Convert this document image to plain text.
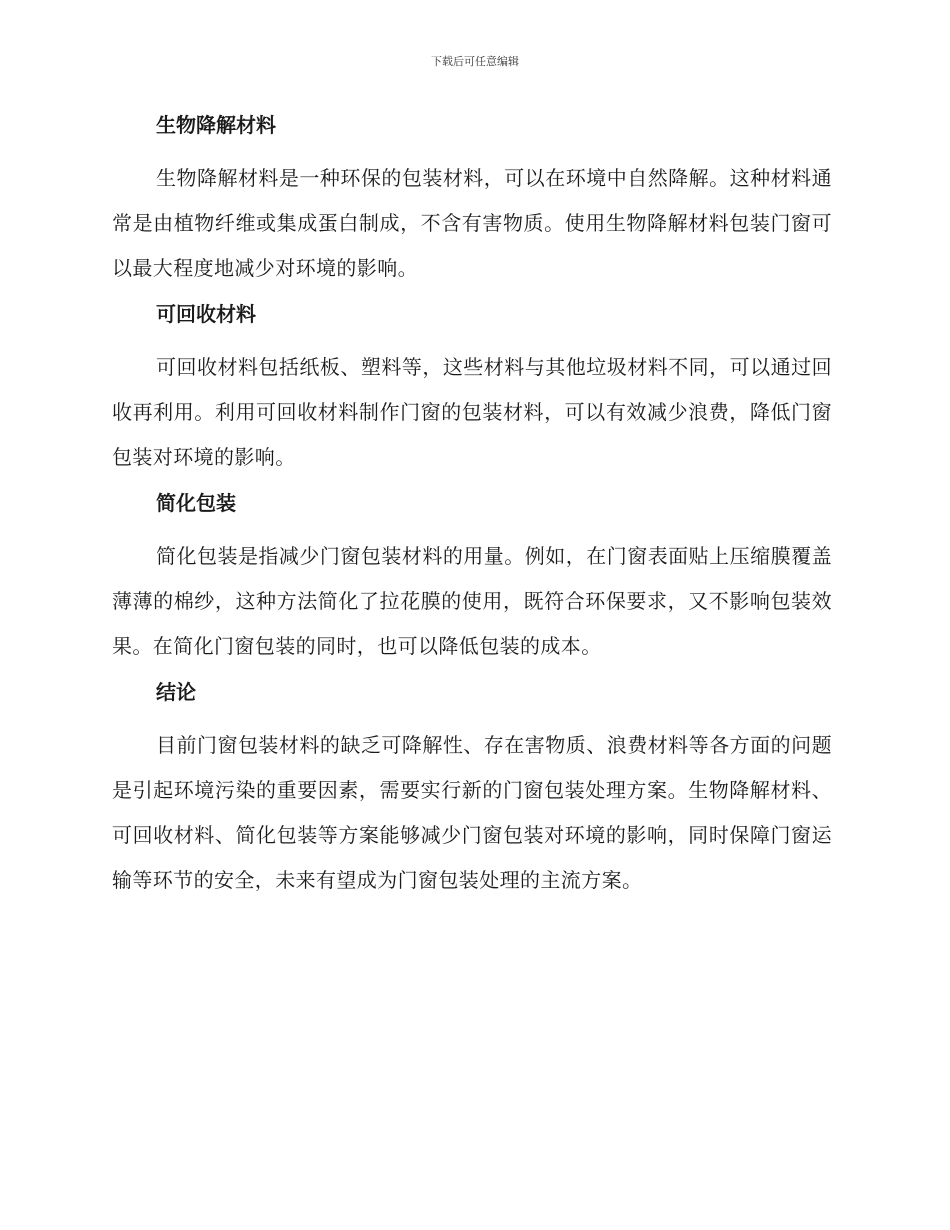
下载后可任意编辑
生物降解材料

生物降解材料是一种环保的包装材料，可以在环境中自然降解。这种材料通常是由植物纤维或集成蛋白制成，不含有害物质。使用生物降解材料包装门窗可以最大程度地减少对环境的影响。

可回收材料

可回收材料包括纸板、塑料等，这些材料与其他垃圾材料不同，可以通过回收再利用。利用可回收材料制作门窗的包装材料，可以有效减少浪费，降低门窗包装对环境的影响。

简化包装

简化包装是指减少门窗包装材料的用量。例如，在门窗表面贴上压缩膜覆盖薄薄的棉纱，这种方法简化了拉花膜的使用，既符合环保要求，又不影响包装效果。在简化门窗包装的同时，也可以降低包装的成本。

结论

目前门窗包装材料的缺乏可降解性、存在害物质、浪费材料等各方面的问题是引起环境污染的重要因素，需要实行新的门窗包装处理方案。生物降解材料、可回收材料、简化包装等方案能够减少门窗包装对环境的影响，同时保障门窗运输等环节的安全，未来有望成为门窗包装处理的主流方案。
